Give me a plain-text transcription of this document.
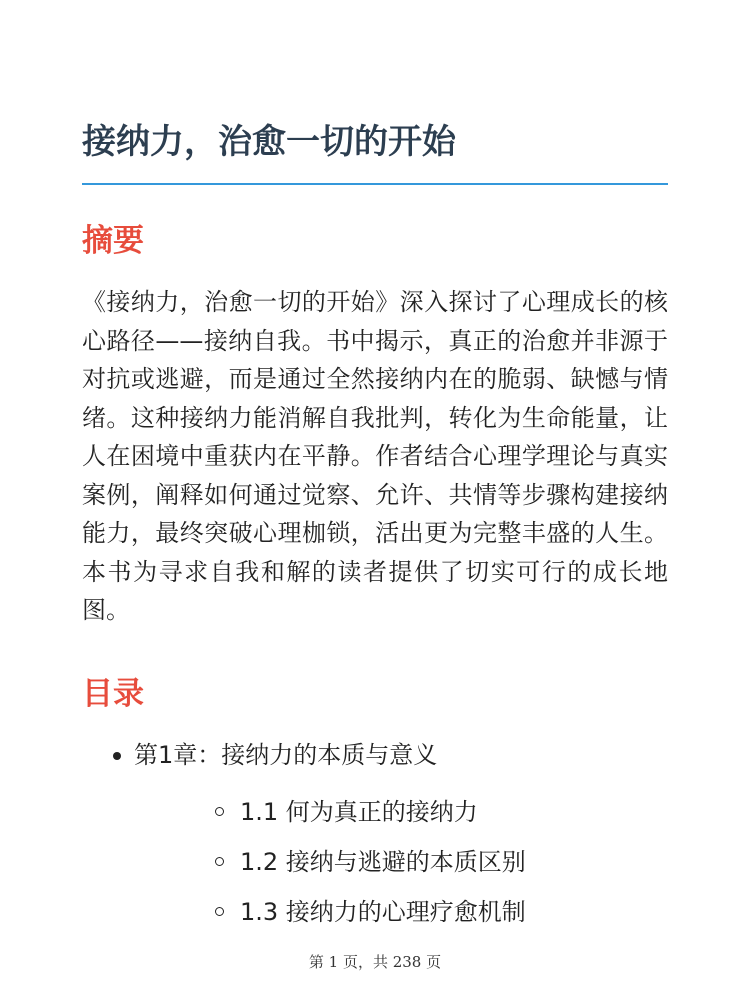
接纳力，治愈一切的开始
摘要

《接纳力，治愈一切的开始》深入探讨了心理成长的核心路径——接纳自我。书中揭示，真正的治愈并非源于对抗或逃避，而是通过全然接纳内在的脆弱、缺憾与情绪。这种接纳力能消解自我批判，转化为生命能量，让人在困境中重获内在平静。作者结合心理学理论与真实案例，阐释如何通过觉察、允许、共情等步骤构建接纳能力，最终突破心理枷锁，活出更为完整丰盛的人生。本书为寻求自我和解的读者提供了切实可行的成长地图。

目录
第1章：接纳力的本质与意义
1.1 何为真正的接纳力
1.2 接纳与逃避的本质区别
1.3 接纳力的心理疗愈机制
第 1 页，共 238 页
